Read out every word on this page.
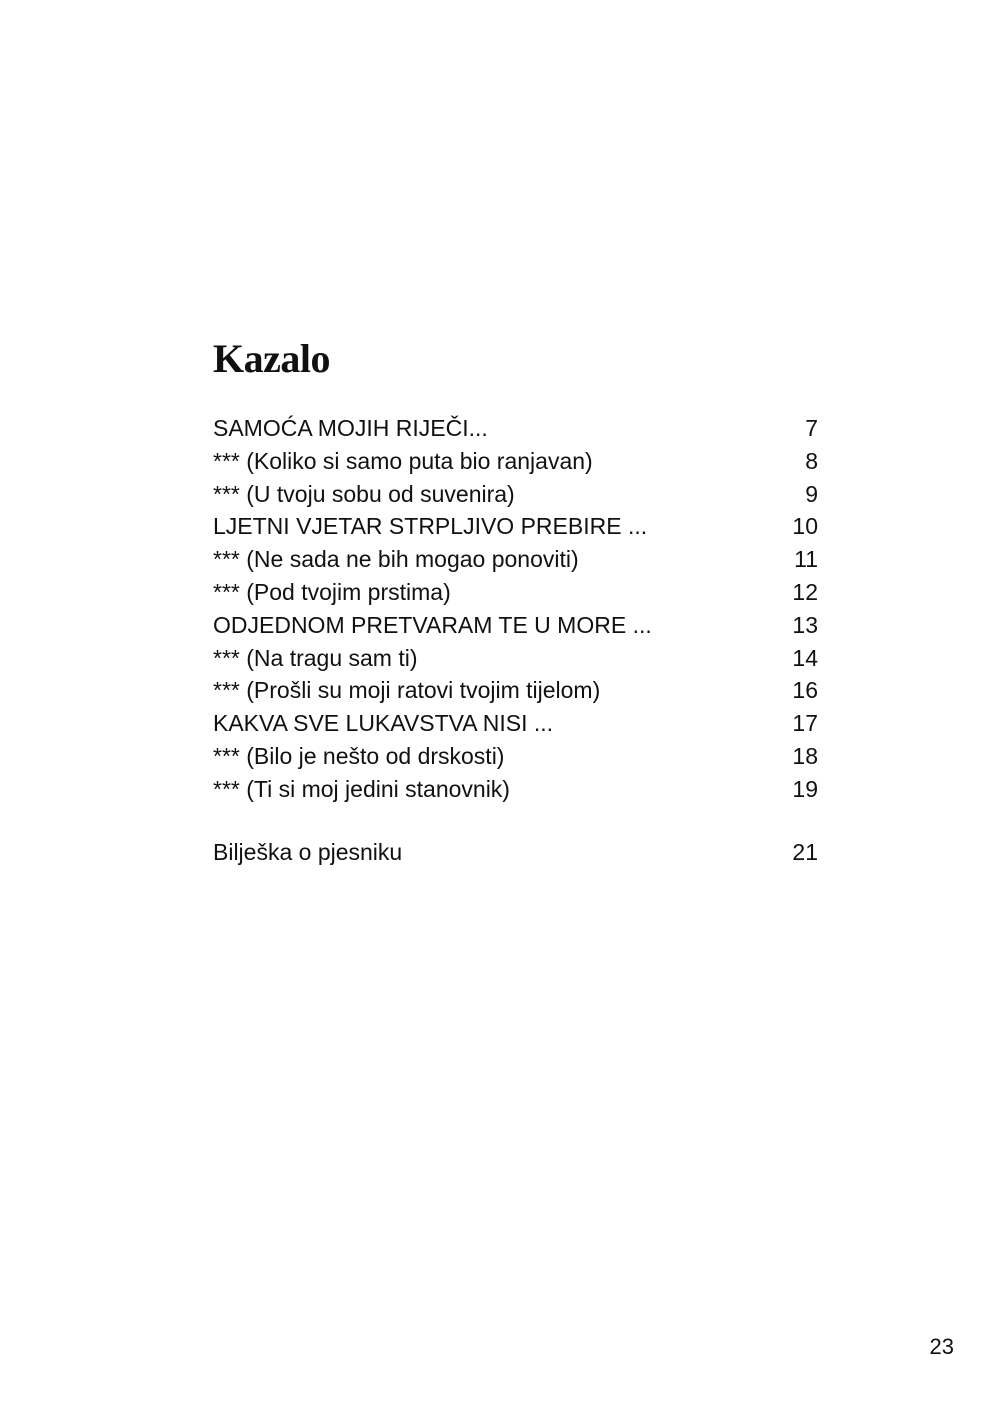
Kazalo
SAMOĆA MOJIH RIJEČI...	7
*** (Koliko si samo puta bio ranjavan)	8
*** (U tvoju sobu od suvenira)	9
LJETNI VJETAR STRPLJIVO PREBIRE ...	10
*** (Ne sada ne bih mogao ponoviti)	11
*** (Pod tvojim prstima)	12
ODJEDNOM PRETVARAM TE U MORE ...	13
*** (Na tragu sam ti)	14
*** (Prošli su moji ratovi tvojim tijelom)	16
KAKVA SVE LUKAVSTVA NISI ...	17
*** (Bilo je nešto od drskosti)	18
*** (Ti si moj jedini stanovnik)	19
Bilješka o pjesniku	21
23
